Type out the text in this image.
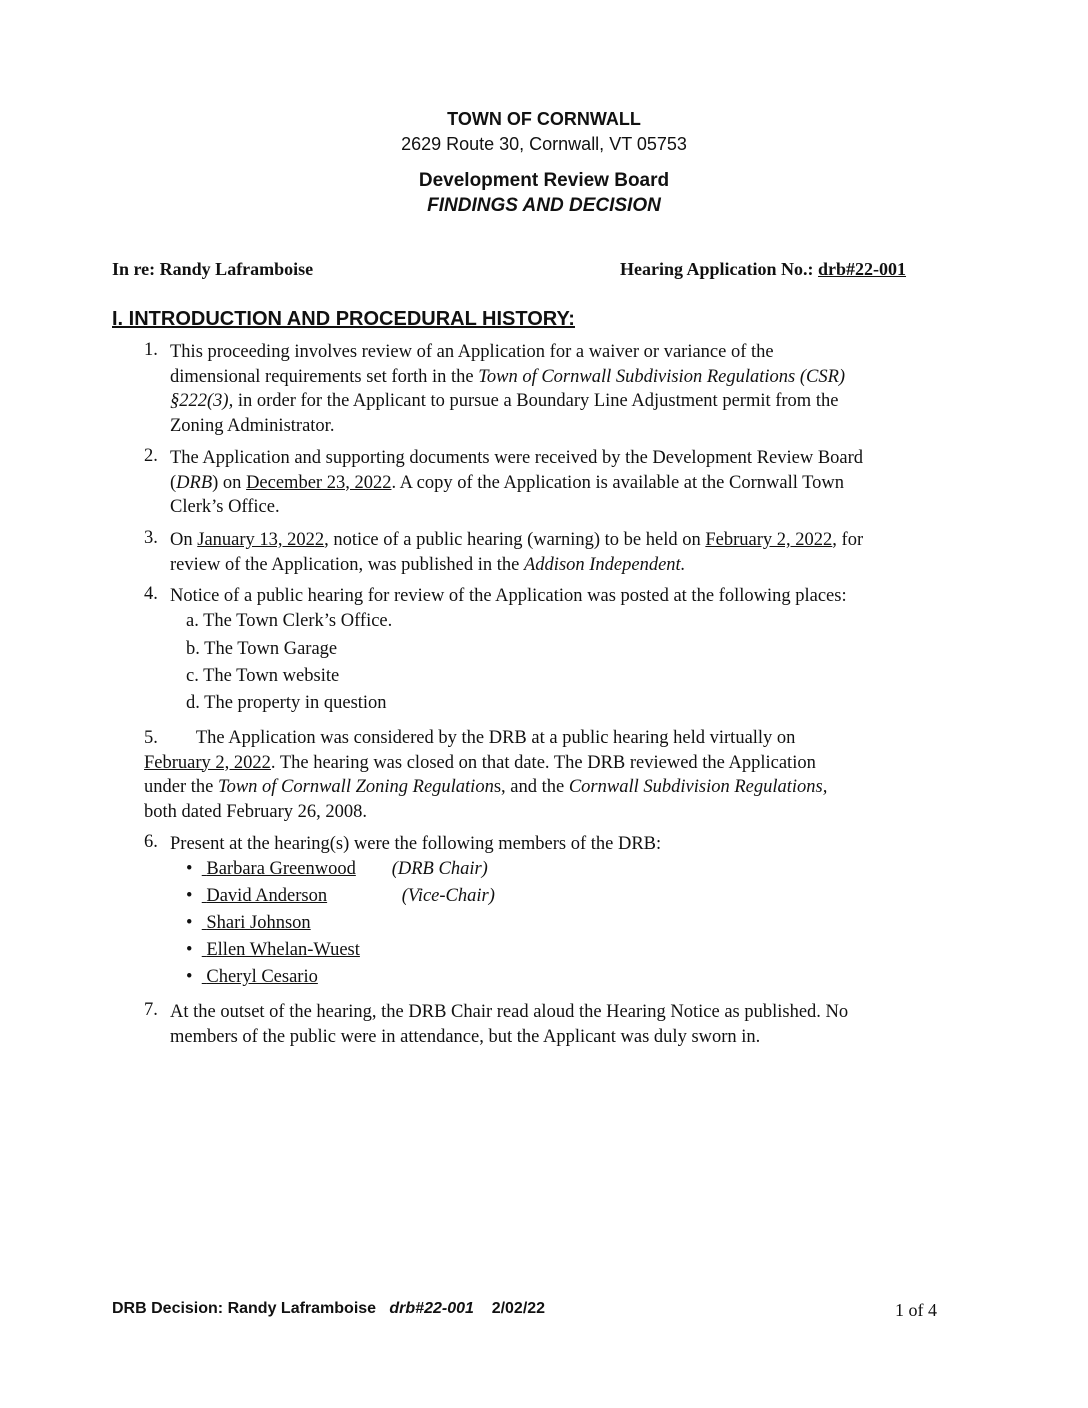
TOWN OF CORNWALL
2629 Route 30, Cornwall, VT 05753
Development Review Board
FINDINGS AND DECISION
In re: Randy Laframboise	Hearing Application No.: drb#22-001
I. INTRODUCTION AND PROCEDURAL HISTORY:
1. This proceeding involves review of an Application for a waiver or variance of the
dimensional requirements set forth in the Town of Cornwall Subdivision Regulations (CSR)
§222(3), in order for the Applicant to pursue a Boundary Line Adjustment permit from the
Zoning Administrator.
2. The Application and supporting documents were received by the Development Review Board
(DRB) on December 23, 2022. A copy of the Application is available at the Cornwall Town
Clerk’s Office.
3. On January 13, 2022, notice of a public hearing (warning) to be held on February 2, 2022, for
review of the Application, was published in the Addison Independent.
4. Notice of a public hearing for review of the Application was posted at the following places:
a. The Town Clerk’s Office.
b. The Town Garage
c. The Town website
d. The property in question
5. The Application was considered by the DRB at a public hearing held virtually on
February 2, 2022. The hearing was closed on that date. The DRB reviewed the Application
under the Town of Cornwall Zoning Regulations, and the Cornwall Subdivision Regulations,
both dated February 26, 2008.
6. Present at the hearing(s) were the following members of the DRB:
•   Barbara Greenwood (DRB Chair)
•   David Anderson	(Vice-Chair)
•   Shari Johnson
•   Ellen Whelan-Wuest
•   Cheryl Cesario
7. At the outset of the hearing, the DRB Chair read aloud the Hearing Notice as published. No
members of the public were in attendance, but the Applicant was duly sworn in.
DRB Decision: Randy Laframboise drb#22-001 2/02/22	1 of 4
